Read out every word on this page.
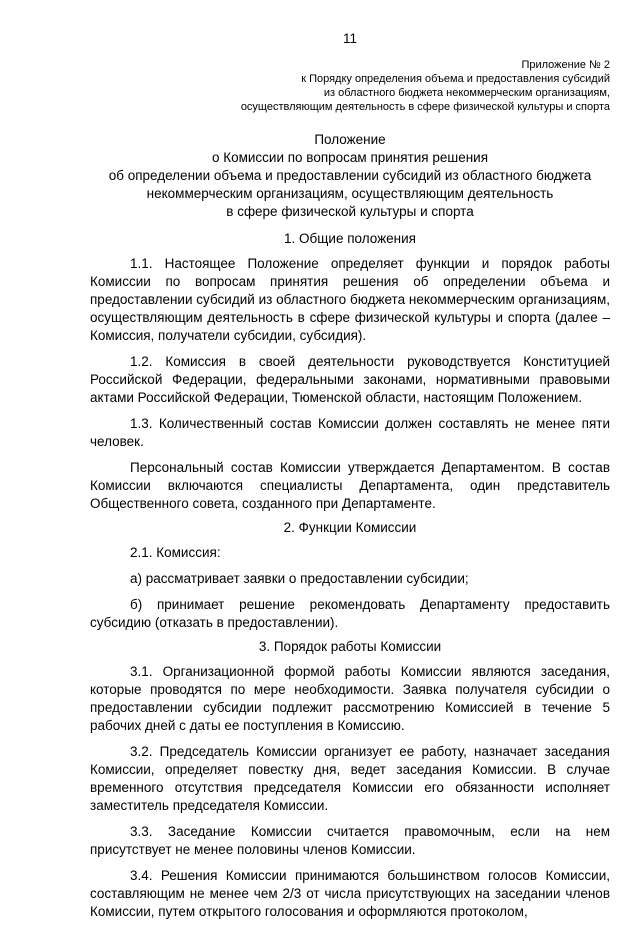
11
Приложение № 2
к Порядку определения объема и предоставления субсидий
из областного бюджета некоммерческим организациям,
осуществляющим деятельность в сфере физической культуры и спорта
Положение
о Комиссии по вопросам принятия решения
об определении объема и предоставлении субсидий из областного бюджета
некоммерческим организациям, осуществляющим деятельность
в сфере физической культуры и спорта
1. Общие положения

1.1. Настоящее Положение определяет функции и порядок работы Комиссии по вопросам принятия решения об определении объема и предоставлении субсидий из областного бюджета некоммерческим организациям, осуществляющим деятельность в сфере физической культуры и спорта (далее – Комиссия, получатели субсидии, субсидия).

1.2. Комиссия в своей деятельности руководствуется Конституцией Российской Федерации, федеральными законами, нормативными правовыми актами Российской Федерации, Тюменской области, настоящим Положением.

1.3. Количественный состав Комиссии должен составлять не менее пяти человек.

Персональный состав Комиссии утверждается Департаментом. В состав Комиссии включаются специалисты Департамента, один представитель Общественного совета, созданного при Департаменте.

2. Функции Комиссии

2.1. Комиссия:

а) рассматривает заявки о предоставлении субсидии;

б) принимает решение рекомендовать Департаменту предоставить субсидию (отказать в предоставлении).

3. Порядок работы Комиссии

3.1. Организационной формой работы Комиссии являются заседания, которые проводятся по мере необходимости. Заявка получателя субсидии о предоставлении субсидии подлежит рассмотрению Комиссией в течение 5 рабочих дней с даты ее поступления в Комиссию.

3.2. Председатель Комиссии организует ее работу, назначает заседания Комиссии, определяет повестку дня, ведет заседания Комиссии. В случае временного отсутствия председателя Комиссии его обязанности исполняет заместитель председателя Комиссии.

3.3. Заседание Комиссии считается правомочным, если на нем присутствует не менее половины членов Комиссии.

3.4. Решения Комиссии принимаются большинством голосов Комиссии, составляющим не менее чем 2/3 от числа присутствующих на заседании членов Комиссии, путем открытого голосования и оформляются протоколом,
